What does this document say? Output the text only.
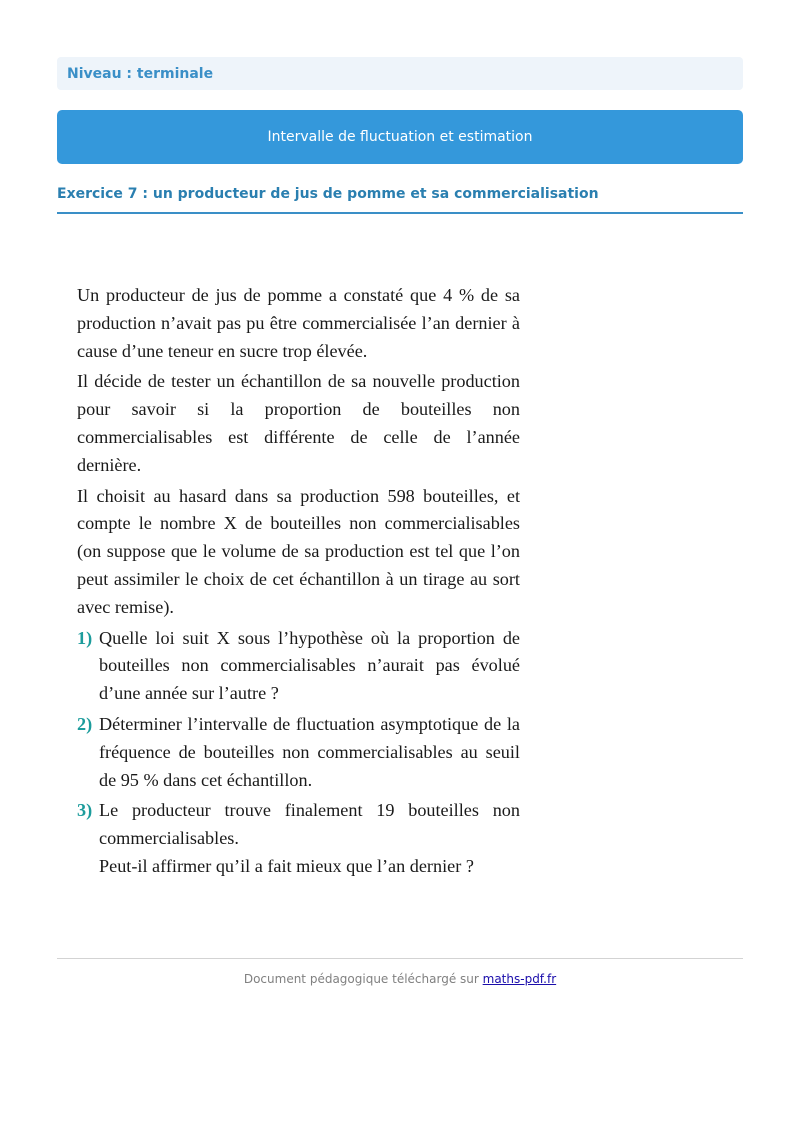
Niveau : terminale
Intervalle de fluctuation et estimation
Exercice 7 : un producteur de jus de pomme et sa commercialisation

Un producteur de jus de pomme a constaté que 4 % de sa production n’avait pas pu être commercialisée l’an dernier à cause d’une teneur en sucre trop élevée.

Il décide de tester un échantillon de sa nouvelle production pour savoir si la proportion de bouteilles non commercialisables est différente de celle de l’année dernière.

Il choisit au hasard dans sa production 598 bouteilles, et compte le nombre X de bouteilles non commercialisables (on suppose que le volume de sa production est tel que l’on peut assimiler le choix de cet échantillon à un tirage au sort avec remise).

1) Quelle loi suit X sous l’hypothèse où la proportion de bouteilles non commercialisables n’aurait pas évolué d’une année sur l’autre ?
2) Déterminer l’intervalle de fluctuation asymptotique de la fréquence de bouteilles non commercialisables au seuil de 95 % dans cet échantillon.
3) Le producteur trouve finalement 19 bouteilles non commercialisables.
Peut-il affirmer qu’il a fait mieux que l’an dernier ?
Document pédagogique téléchargé sur maths-pdf.fr
